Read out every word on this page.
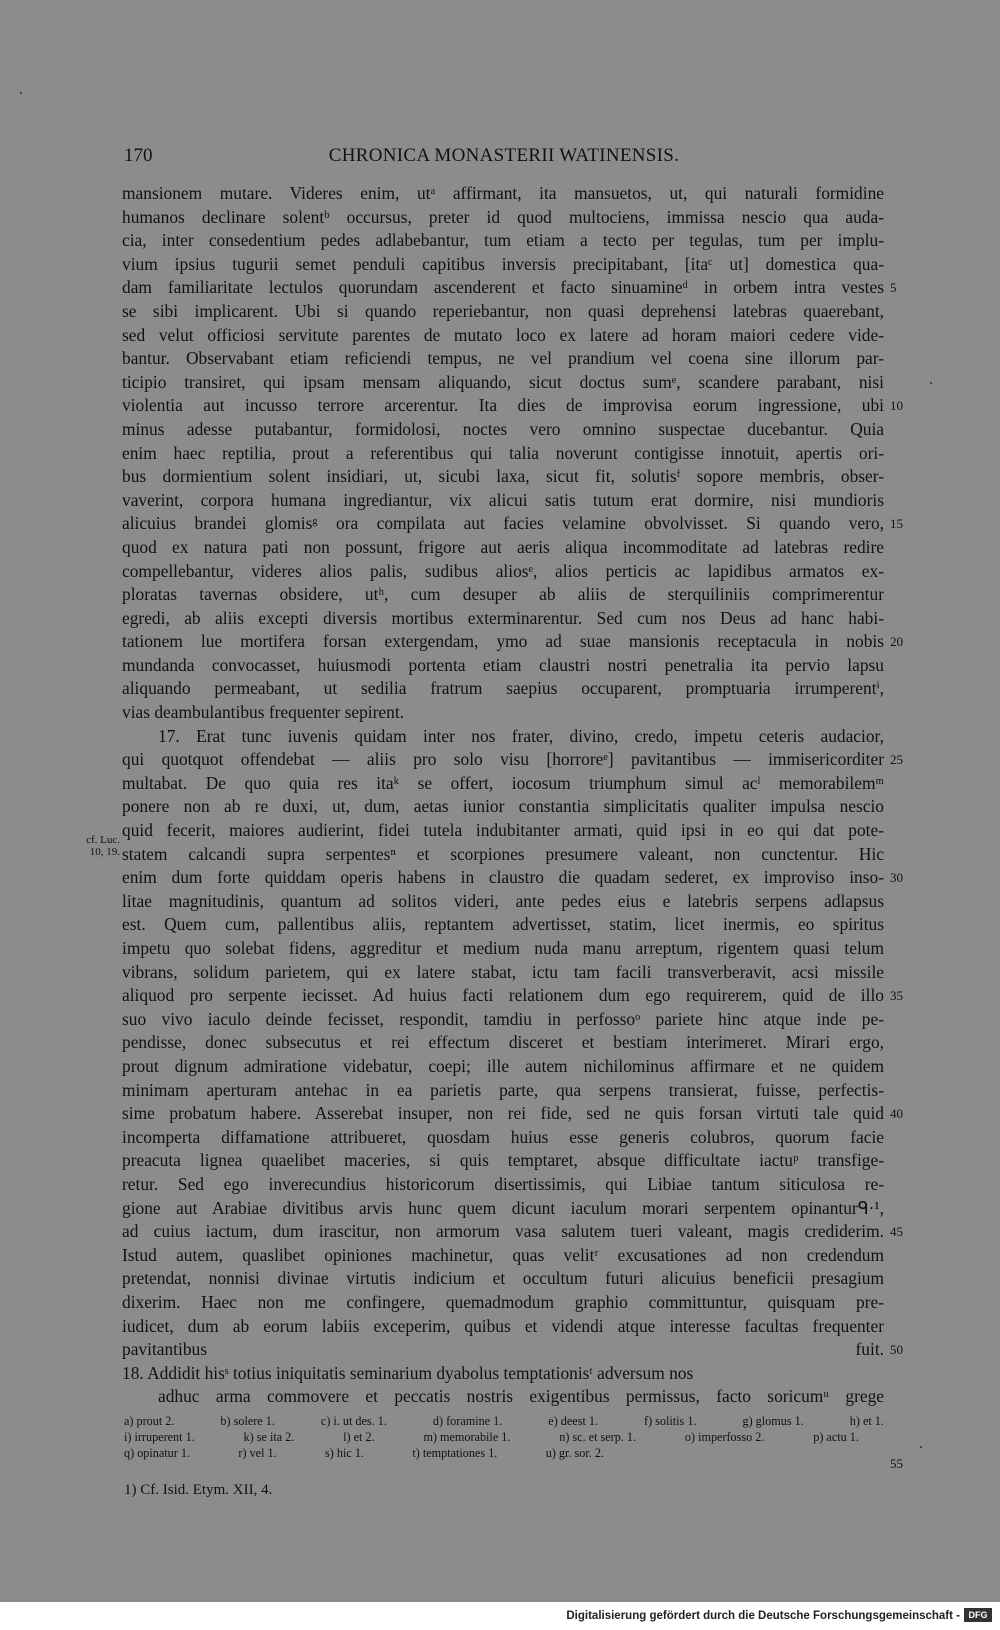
170	CHRONICA MONASTERII WATINENSIS.
mansionem mutare. Videres enim, utᵃ affirmant, ita mansuetos, ut, qui naturali formidine
humanos declinare solentᵇ occursus, preter id quod multociens, immissa nescio qua auda-
cia, inter consedentium pedes adlabebantur, tum etiam a tecto per tegulas, tum per implu-
vium ipsius tugurii semet penduli capitibus inversis precipitabant, [itaᶜ ut] domestica qua-
dam familiaritate lectulos quorundam ascenderent et facto sinuamineᵈ in orbem intra vestes 5
se sibi implicarent. Ubi si quando reperiebantur, non quasi deprehensi latebras quaerebant,
sed velut officiosi servitute parentes de mutato loco ex latere ad horam maiori cedere vide-
bantur. Observabant etiam reficiendi tempus, ne vel prandium vel coena sine illorum par-
ticipio transiret, qui ipsam mensam aliquando, sicut doctus sumᵉ, scandere parabant, nisi
violentia aut incusso terrore arcerentur. Ita dies de improvisa eorum ingressione, ubi 10
minus adesse putabantur, formidolosi, noctes vero omnino suspectae ducebantur. Quia
enim haec reptilia, prout a referentibus qui talia noverunt contigisse innotuit, apertis ori-
bus dormientium solent insidiari, ut, sicubi laxa, sicut fit, solutisᶠ sopore membris, obser-
vaverint, corpora humana ingrediantur, vix alicui satis tutum erat dormire, nisi mundioris
alicuius brandei glomisᵍ ora compilata aut facies velamine obvolvisset. Si quando vero, 15
quod ex natura pati non possunt, frigore aut aeris aliqua incommoditate ad latebras redire
compellebantur, videres alios palis, sudibus aliosᵉ, alios perticis ac lapidibus armatos ex-
ploratas tavernas obsidere, utʰ, cum desuper ab aliis de sterquiliniis comprimerentur
egredi, ab aliis excepti diversis mortibus exterminarentur. Sed cum nos Deus ad hanc habi-
tationem lue mortifera forsan extergendam, ymo ad suae mansionis receptacula in nobis 20
mundanda convocasset, huiusmodi portenta etiam claustri nostri penetralia ita pervio lapsu
aliquando permeabant, ut sedilia fratrum saepius occuparent, promptuaria irrumperentⁱ,
vias deambulantibus frequenter sepirent.
17. Erat tunc iuvenis quidam inter nos frater, divino, credo, impetu ceteris audacior,
qui quotquot offendebat — aliis pro solo visu [horroreᵉ] pavitantibus — immisericorditer 25
multabat. De quo quia res itaᵏ se offert, iocosum triumphum simul acˡ memorabilemᵐ
ponere non ab re duxi, ut, dum, aetas iunior constantia simplicitatis qualiter impulsa nescio
quid fecerit, maiores audierint, fidei tutela indubitanter armati, quid ipsi in eo qui dat pote-
statem calcandi supra serpentesⁿ et scorpiones presumere valeant, non cunctentur. Hic
enim dum forte quiddam operis habens in claustro die quadam sederet, ex improviso inso- 30
litae magnitudinis, quantum ad solitos videri, ante pedes eius e latebris serpens adlapsus
est. Quem cum, pallentibus aliis, reptantem advertisset, statim, licet inermis, eo spiritus
impetu quo solebat fidens, aggreditur et medium nuda manu arreptum, rigentem quasi telum
vibrans, solidum parietem, qui ex latere stabat, ictu tam facili transverberavit, acsi missile
aliquod pro serpente iecisset. Ad huius facti relationem dum ego requirerem, quid de illo 35
suo vivo iaculo deinde fecisset, respondit, tamdiu in perfossoᵒ pariete hinc atque inde pe-
pendisse, donec subsecutus et rei effectum disceret et bestiam interimeret. Mirari ergo,
prout dignum admiratione videbatur, coepi; ille autem nichilominus affirmare et ne quidem
minimam aperturam antehac in ea parietis parte, qua serpens transierat, fuisse, perfectis-
sime probatum habere. Asserebat insuper, non rei fide, sed ne quis forsan virtuti tale quid 40
incomperta diffamatione attribueret, quosdam huius esse generis colubros, quorum facie
preacuta lignea quaelibet maceries, si quis temptaret, absque difficultate iactuᵖ transfige-
retur. Sed ego inverecundius historicorum disertissimis, qui Libiae tantum siticulosa re-
gione aut Arabiae divitibus arvis hunc quem dicunt iaculum morari serpentem opinanturᑫ·¹,
ad cuius iactum, dum irascitur, non armorum vasa salutem tueri valeant, magis crediderim. 45
Istud autem, quaslibet opiniones machinetur, quas velitʳ excusationes ad non credendum
pretendat, nonnisi divinae virtutis indicium et occultum futuri alicuius beneficii presagium
dixerim. Haec non me confingere, quemadmodum graphio committuntur, quisquam pre-
iudicet, dum ab eorum labiis exceperim, quibus et videndi atque interesse facultas frequenter
pavitantibus fuit. 50
18. Addidit hisˢ totius iniquitatis seminarium dyabolus temptationisᵗ adversum nos
adhuc arma commovere et peccatis nostris exigentibus permissus, facto soricumᵘ grege
cf. Luc. 10, 19.
a) prout 2.	b) solere 1.	c) i. ut des. 1.	d) foramine 1.	e) deest 1.	f) solitis 1.	g) glomus 1.	h) et 1.
i) irruperent 1.	k) se ita 2.	l) et 2.	m) memorabile 1.	n) sc. et serp. 1.	o) imperfosso 2.	p) actu 1.
q) opinatur 1.	r) vel 1.	s) hic 1.	t) temptationes 1.	u) gr. sor. 2.
55
1) Cf. Isid. Etym. XII, 4.
Digitalisierung gefördert durch die Deutsche Forschungsgemeinschaft - DFG
